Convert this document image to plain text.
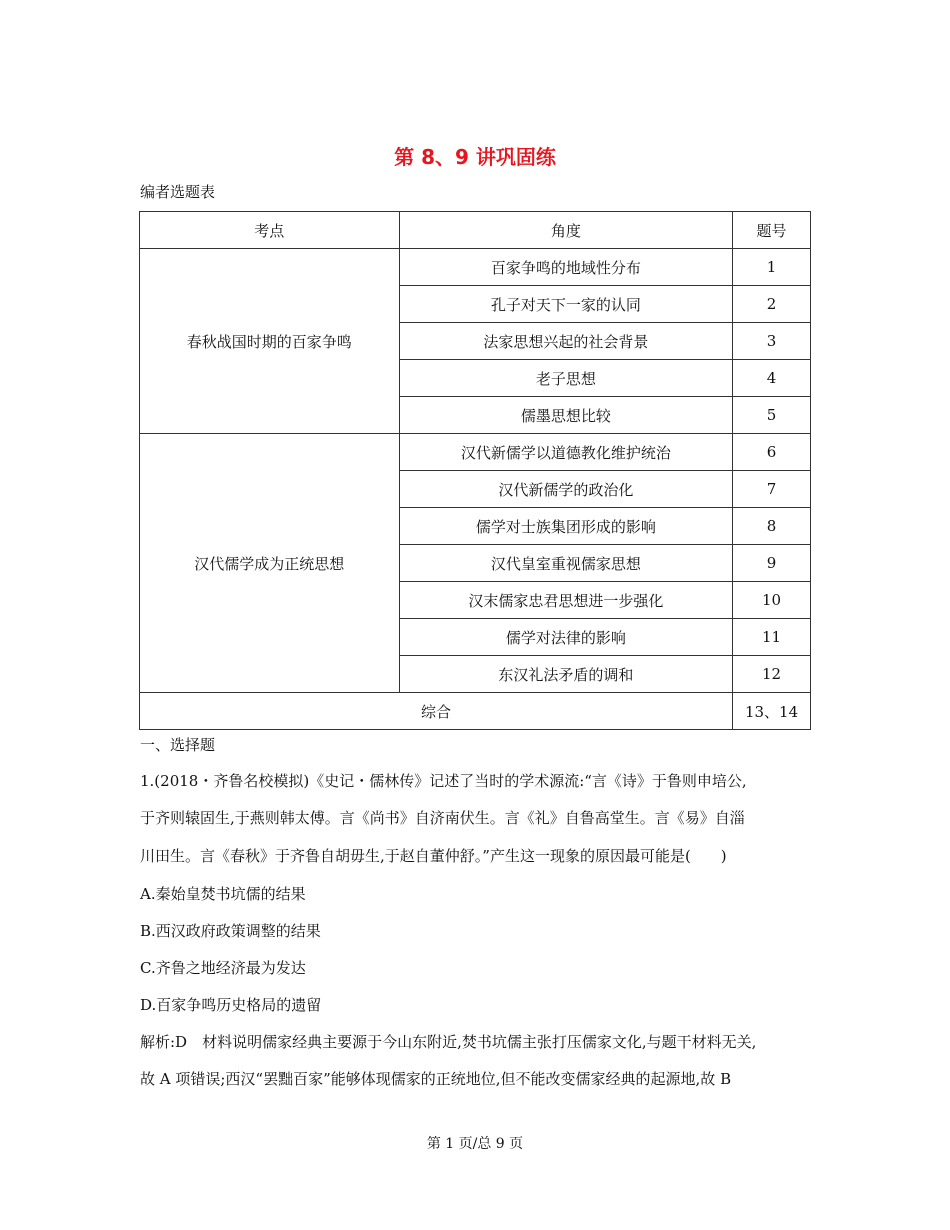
第 8、9 讲巩固练
编者选题表
考点	角度	题号
春秋战国时期的百家争鸣	百家争鸣的地域性分布	1
	孔子对天下一家的认同	2
	法家思想兴起的社会背景	3
	老子思想	4
	儒墨思想比较	5
汉代儒学成为正统思想	汉代新儒学以道德教化维护统治	6
	汉代新儒学的政治化	7
	儒学对士族集团形成的影响	8
	汉代皇室重视儒家思想	9
	汉末儒家忠君思想进一步强化	10
	儒学对法律的影响	11
	东汉礼法矛盾的调和	12
综合		13、14
一、选择题
1.(2018・齐鲁名校模拟)《史记・儒林传》记述了当时的学术源流:“言《诗》于鲁则申培公,
于齐则辕固生,于燕则韩太傅。言《尚书》自济南伏生。言《礼》自鲁高堂生。言《易》自淄
川田生。言《春秋》于齐鲁自胡毋生,于赵自董仲舒。”产生这一现象的原因最可能是(　　)
A.秦始皇焚书坑儒的结果
B.西汉政府政策调整的结果
C.齐鲁之地经济最为发达
D.百家争鸣历史格局的遗留
解析:D　材料说明儒家经典主要源于今山东附近,焚书坑儒主张打压儒家文化,与题干材料无关,
故 A 项错误;西汉“罢黜百家”能够体现儒家的正统地位,但不能改变儒家经典的起源地,故 B
第 1 页/总 9 页
